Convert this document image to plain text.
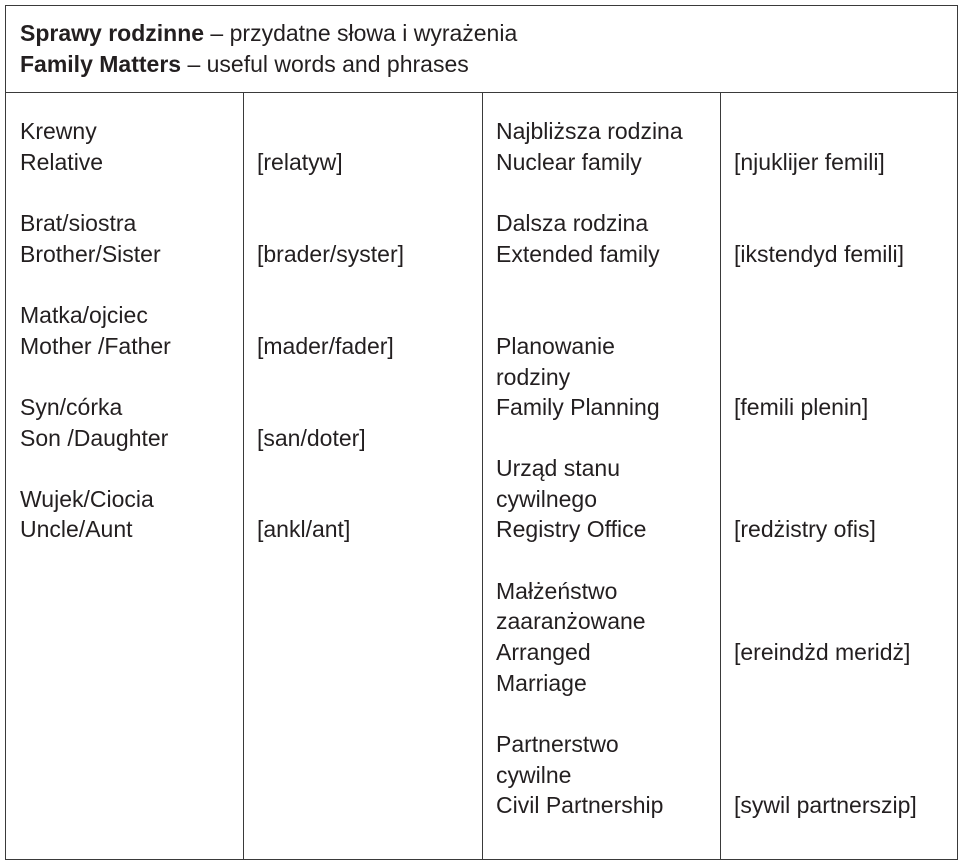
Sprawy rodzinne – przydatne słowa i wyrażenia
Family Matters – useful words and phrases
Krewny
Relative
Brat/siostra
Brother/Sister
Matka/ojciec
Mother /Father
Syn/córka
Son /Daughter
Wujek/Ciocia
Uncle/Aunt
[relatyw]
[brader/syster]
[mader/fader]
[san/doter]
[ankl/ant]
Najbliższa rodzina
Nuclear family
Dalsza rodzina
Extended family
Planowanie
rodziny
Family Planning
Urząd stanu
cywilnego
Registry Office
Małżeństwo
zaaranżowane
Arranged
Marriage
Partnerstwo
cywilne
Civil Partnership
[njuklijer femili]
[ikstendyd femili]
[femili plenin]
[redżistry ofis]
[ereindżd meridż]
[sywil partnerszip]
